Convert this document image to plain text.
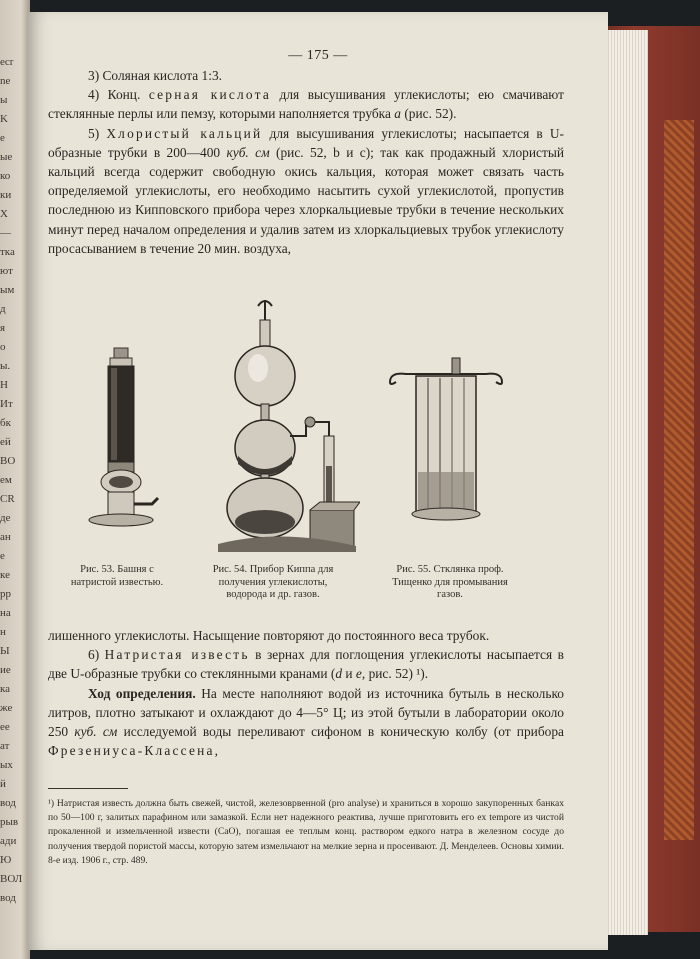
ecr
ne
ы
K
е
ые
ко
ки
Х
—
тка
ют
ым
д
я
о
ы.
Н
Ит
бк
ей
ВО
ем
CR
де
ан
e
ке
рр
на
н
Ы
ие
ка
же
ее
ат
ых
й
вод
рыв
ади
Ю
ВОЛ
вод
— 175 —

3) Соляная кислота 1:3.

4) Конц. серная кислота для высушивания углекислоты; ею смачивают стеклянные перлы или пемзу, которыми наполняется трубка a (рис. 52).

5) Хлористый кальций для высушивания углекислоты; насыпается в U-образные трубки в 200—400 куб. см (рис. 52, b и c); так как продажный хлористый кальций всегда содержит свободную окись кальция, которая может связать часть определяемой углекислоты, его необходимо насытить сухой углекислотой, пропустив последнюю из Кипповского прибора через хлоркальциевые трубки в течение нескольких минут перед началом определения и удалив затем из хлоркальциевых трубок углекислоту просасыванием в течение 20 мин. воздуха,

Рис. 53. Башня с натристой известью.
Рис. 54. Прибор Киппа для получения углекислоты, водорода и др. газов.
Рис. 55. Стклянка проф. Тищенко для промывания газов.

лишенного углекислоты. Насыщение повторяют до постоянного веса трубок.

6) Натристая известь в зернах для поглощения углекислоты насыпается в две U-образные трубки со стеклянными кранами (d и e, рис. 52) ¹).

Ход определения. На месте наполняют водой из источника бутыль в несколько литров, плотно затыкают и охлаждают до 4—5° Ц; из этой бутыли в лаборатории около 250 куб. см исследуемой воды переливают сифоном в коническую колбу (от прибора Фрезениуса-Классена,

¹) Натристая известь должна быть свежей, чистой, железоврвенной (pro analyse) и храниться в хорошо закупоренных банках по 50—100 г, залитых парафином или замазкой. Если нет надежного реактива, лучше приготовить его ex tempore из чистой прокаленной и измельченной извести (CaO), погашая ее теплым конц. раствором едкого натра в железном сосуде до получения твердой пористой массы, которую затем измельчают на мелкие зерна и просеивают. Д. Менделеев. Основы химии. 8-е изд. 1906 г., стр. 489.
